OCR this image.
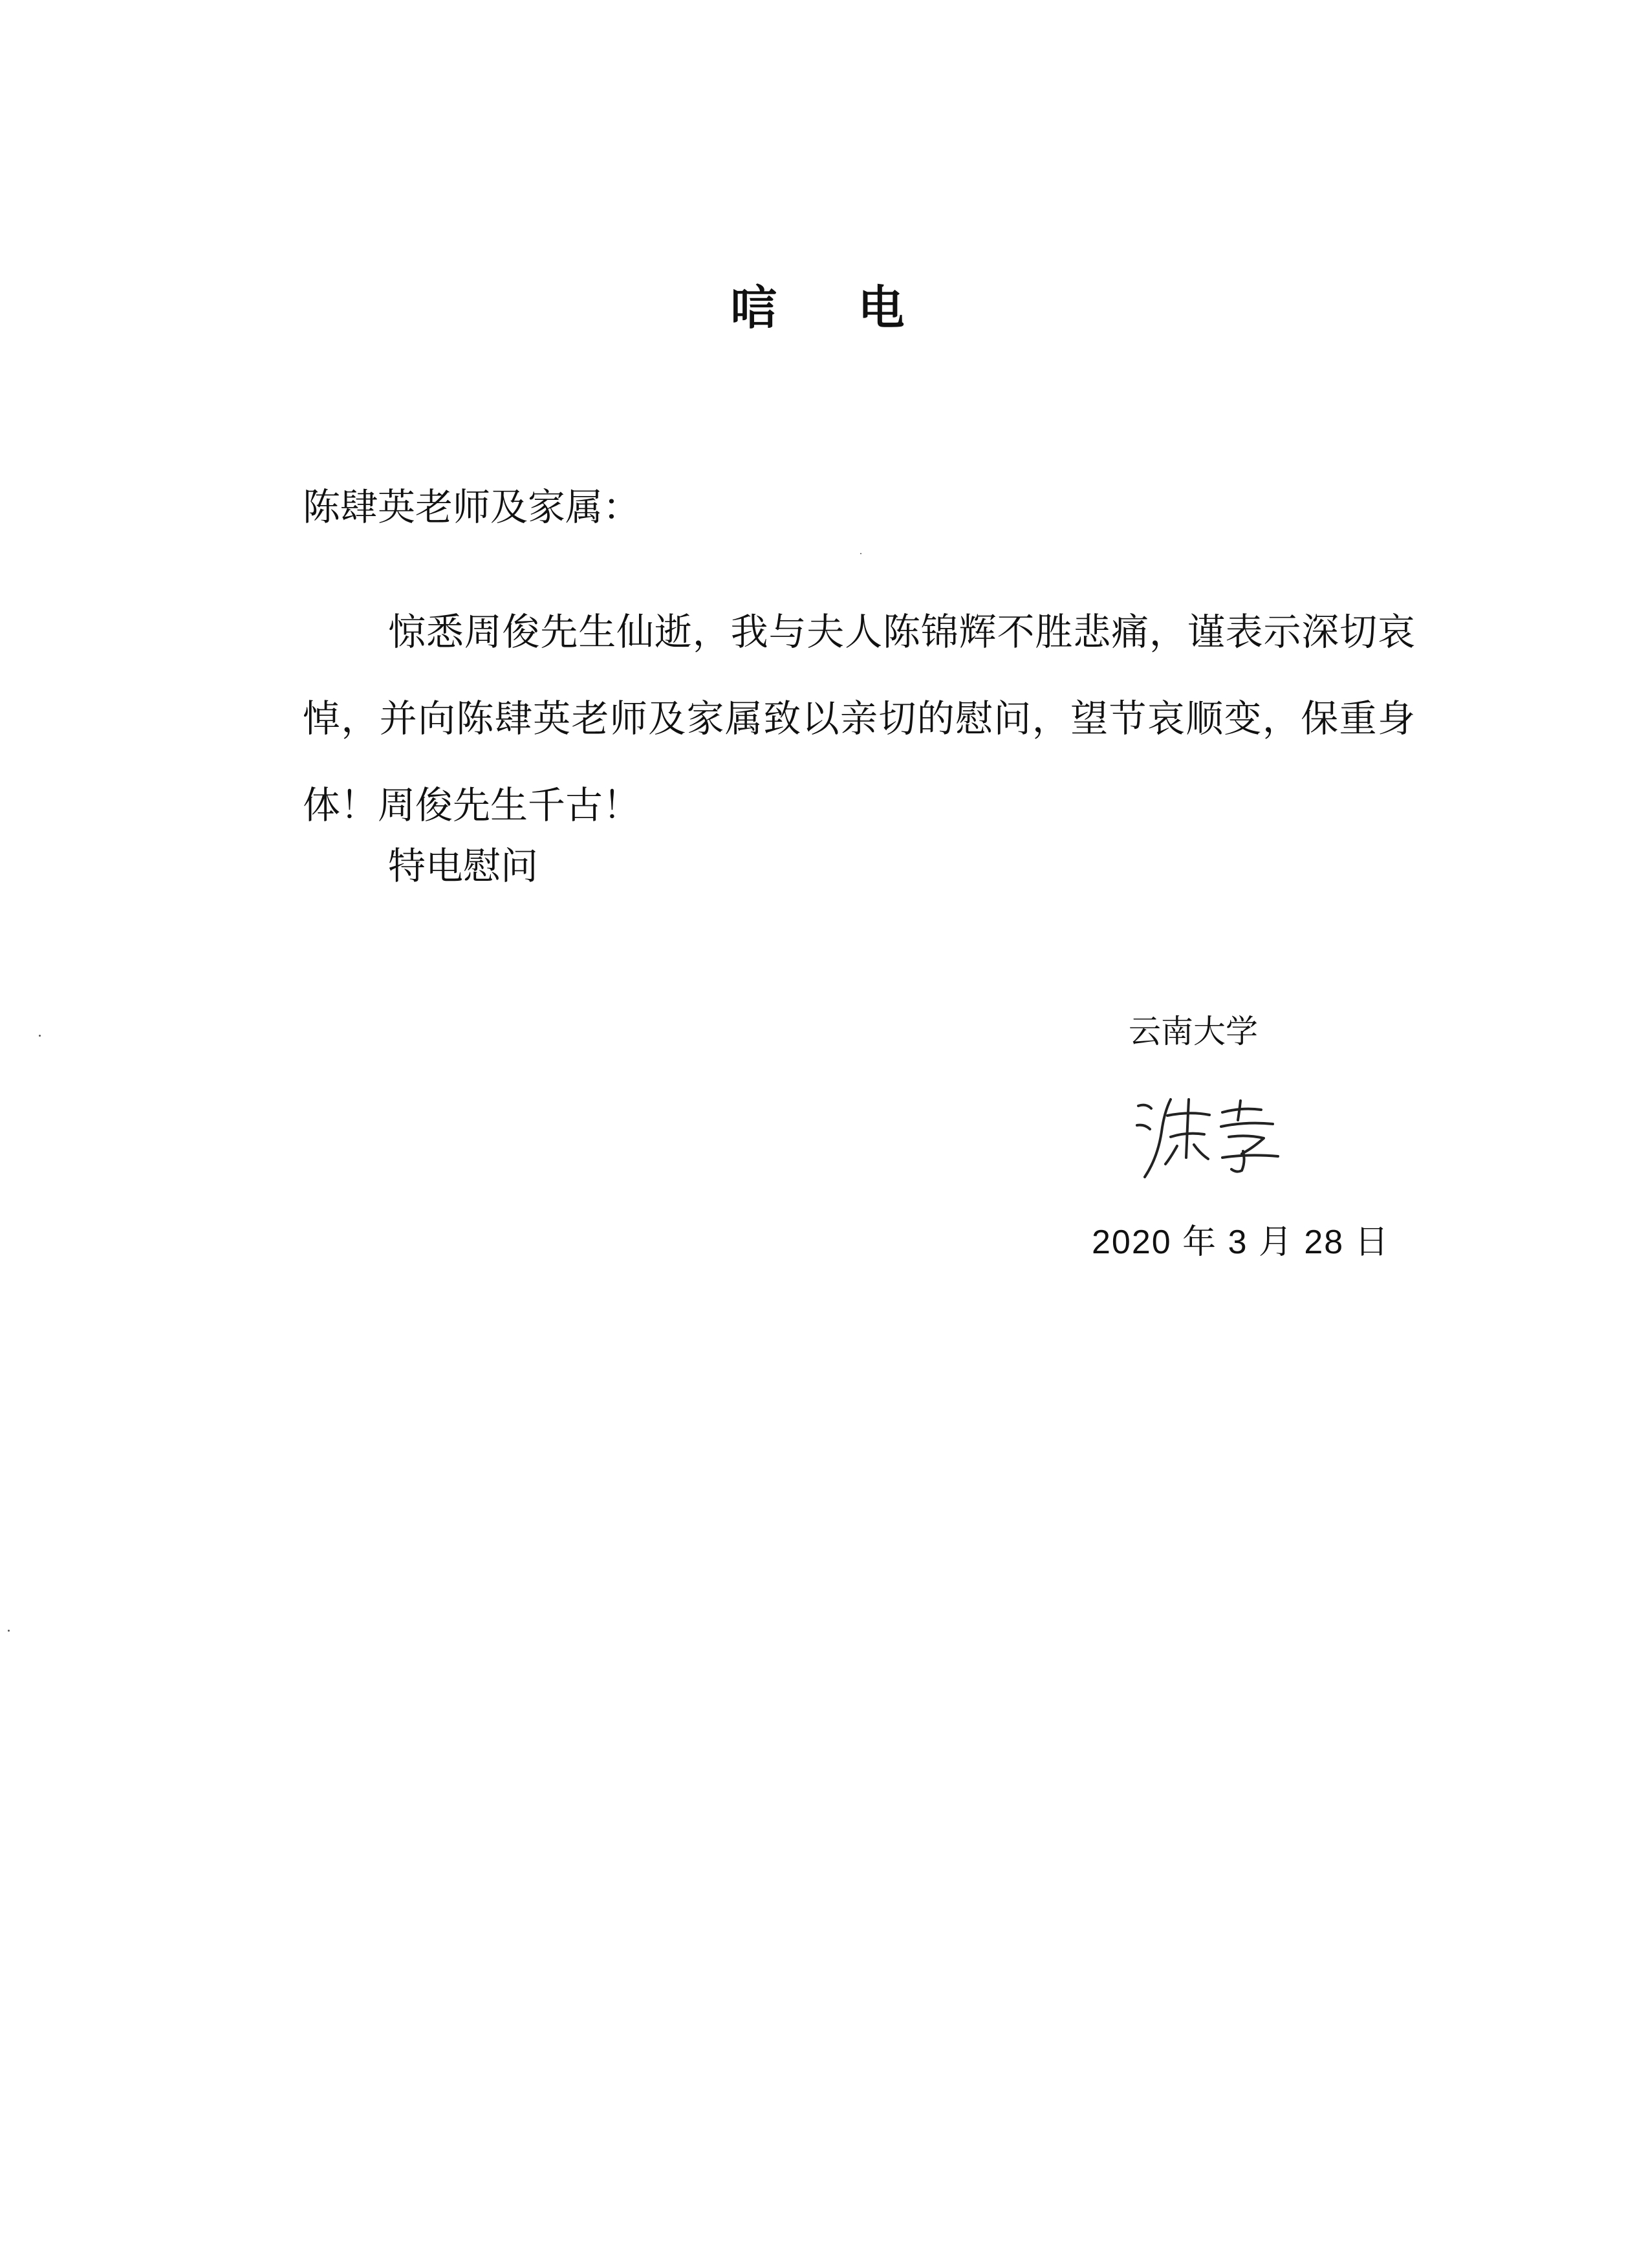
唁 电
陈肆英老师及家属：

惊悉周俊先生仙逝，我与夫人陈锦辉不胜悲痛，谨表示深切哀悼，并向陈肆英老师及家属致以亲切的慰问，望节哀顺变，保重身体！周俊先生千古！

特电慰问
云南大学
2020 年 3 月 28 日
